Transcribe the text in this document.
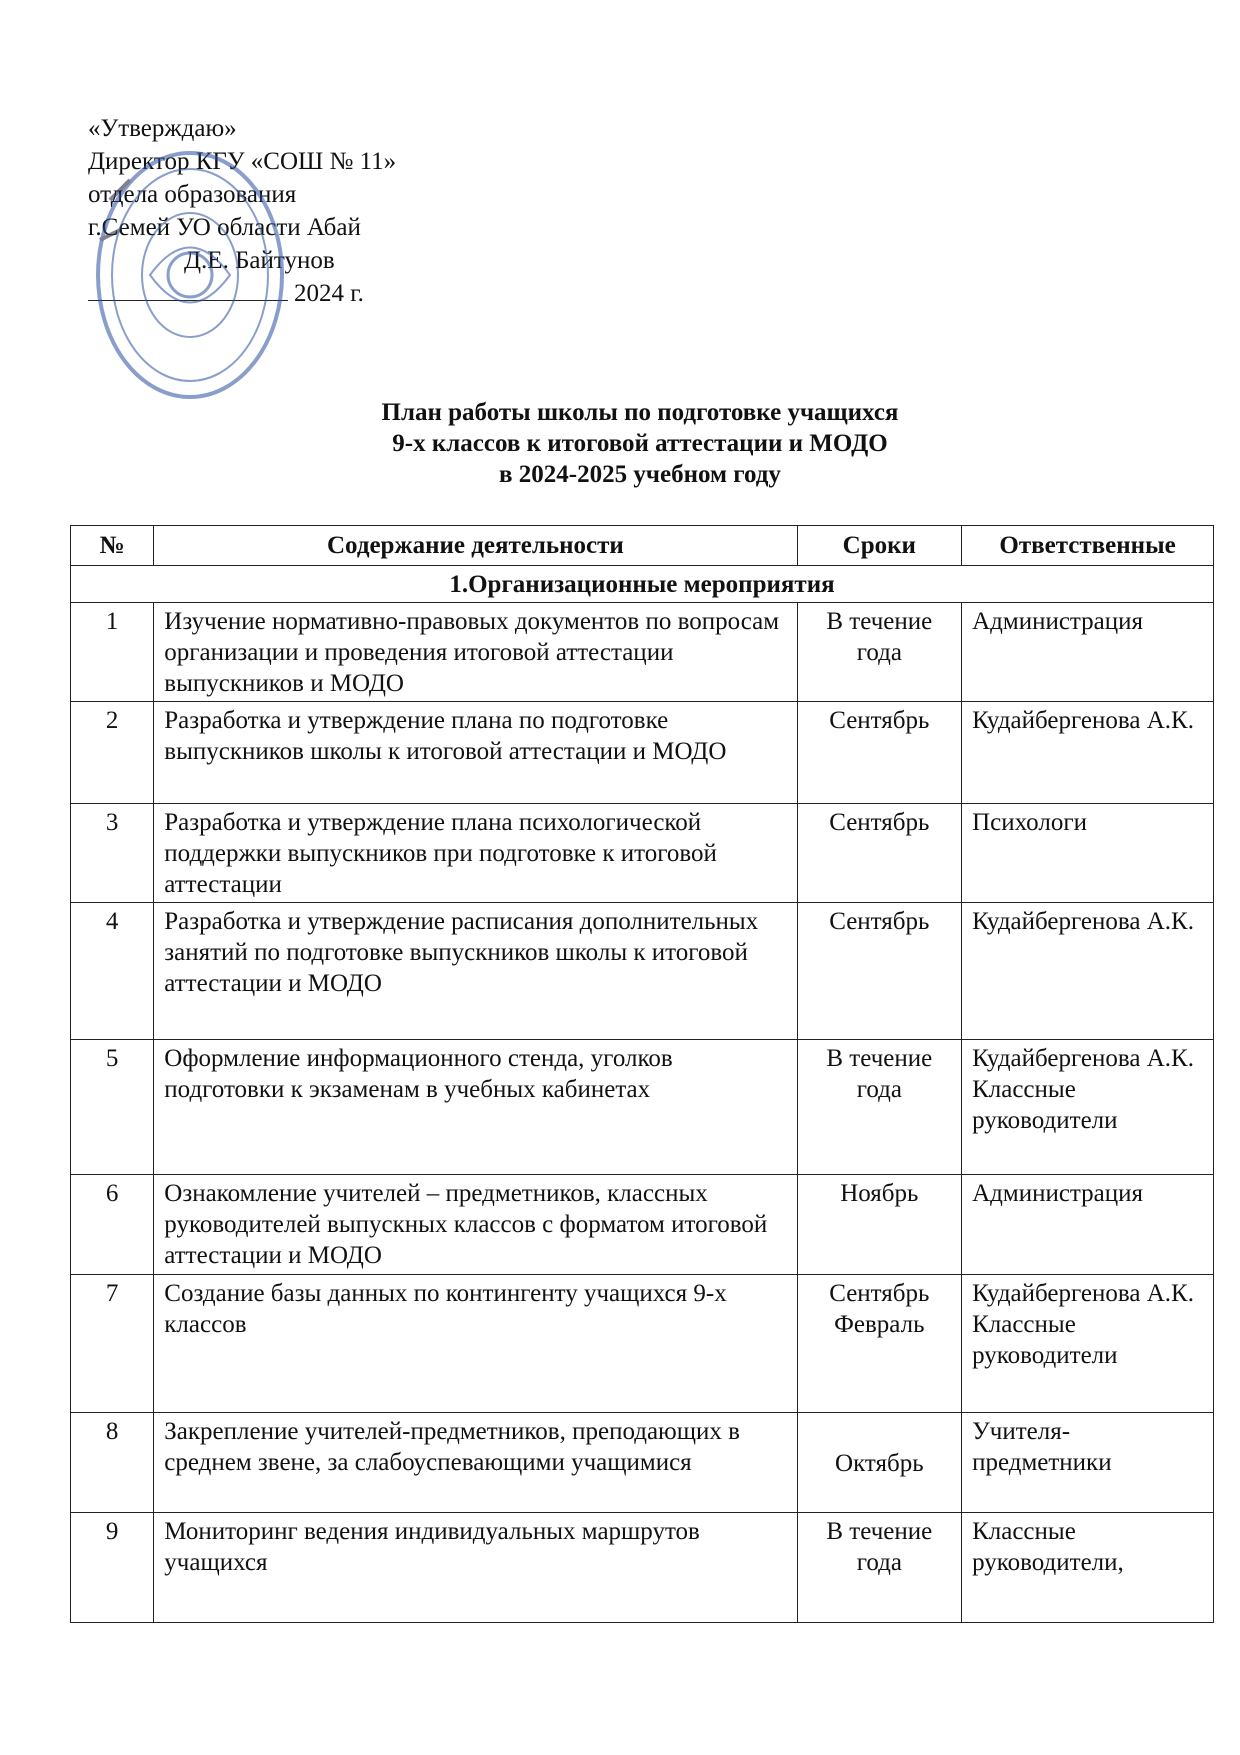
«Утверждаю»
Директор КГУ «СОШ № 11»
отдела образования
г.Семей УО области Абай
Д.Е. Байтунов
2024 г.
План работы школы по подготовке учащихся
9-х классов к итоговой аттестации и МОДО
в 2024-2025 учебном году
№	Содержание деятельности	Сроки	Ответственные
1.Организационные мероприятия			
1	Изучение нормативно-правовых документов по вопросам организации и проведения итоговой аттестации выпускников и МОДО	В течение года	Администрация
2	Разработка и утверждение плана по подготовке выпускников школы к итоговой аттестации и МОДО	Сентябрь	Кудайбергенова А.К.
3	Разработка и утверждение плана психологической поддержки выпускников при подготовке к итоговой аттестации	Сентябрь	Психологи
4	Разработка и утверждение расписания дополнительных занятий по подготовке выпускников школы к итоговой аттестации и МОДО	Сентябрь	Кудайбергенова А.К.
5	Оформление информационного стенда, уголков подготовки к экзаменам в учебных кабинетах	В течение года	Кудайбергенова А.К. Классные руководители
6	Ознакомление учителей – предметников, классных руководителей выпускных классов с форматом итоговой аттестации и МОДО	Ноябрь	Администрация
7	Создание базы данных по контингенту учащихся 9-х классов	Сентябрь Февраль	Кудайбергенова А.К. Классные руководители
8	Закрепление учителей-предметников, преподающих в среднем звене, за слабоуспевающими учащимися	Октябрь	Учителя-предметники
9	Мониторинг ведения индивидуальных маршрутов учащихся	В течение года	Классные руководители,
